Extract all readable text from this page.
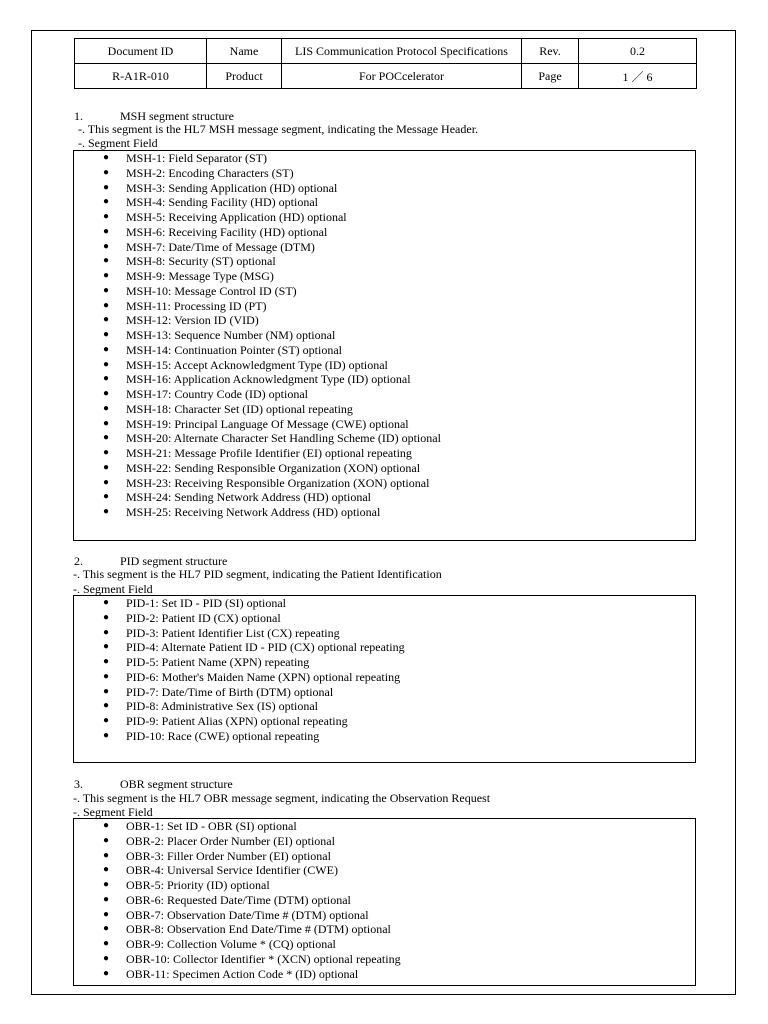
Document ID	Name	LIS Communication Protocol Specifications	Rev.	0.2
R-A1R-010	Product	For POCcelerator	Page	1 ／ 6
1.	MSH segment structure
-. This segment is the HL7 MSH message segment, indicating the Message Header.
-. Segment Field
● MSH-1: Field Separator (ST)
● MSH-2: Encoding Characters (ST)
● MSH-3: Sending Application (HD) optional
● MSH-4: Sending Facility (HD) optional
● MSH-5: Receiving Application (HD) optional
● MSH-6: Receiving Facility (HD) optional
● MSH-7: Date/Time of Message (DTM)
● MSH-8: Security (ST) optional
● MSH-9: Message Type (MSG)
● MSH-10: Message Control ID (ST)
● MSH-11: Processing ID (PT)
● MSH-12: Version ID (VID)
● MSH-13: Sequence Number (NM) optional
● MSH-14: Continuation Pointer (ST) optional
● MSH-15: Accept Acknowledgment Type (ID) optional
● MSH-16: Application Acknowledgment Type (ID) optional
● MSH-17: Country Code (ID) optional
● MSH-18: Character Set (ID) optional repeating
● MSH-19: Principal Language Of Message (CWE) optional
● MSH-20: Alternate Character Set Handling Scheme (ID) optional
● MSH-21: Message Profile Identifier (EI) optional repeating
● MSH-22: Sending Responsible Organization (XON) optional
● MSH-23: Receiving Responsible Organization (XON) optional
● MSH-24: Sending Network Address (HD) optional
● MSH-25: Receiving Network Address (HD) optional
2.	PID segment structure
-. This segment is the HL7 PID segment, indicating the Patient Identification
-. Segment Field
● PID-1: Set ID - PID (SI) optional
● PID-2: Patient ID (CX) optional
● PID-3: Patient Identifier List (CX) repeating
● PID-4: Alternate Patient ID - PID (CX) optional repeating
● PID-5: Patient Name (XPN) repeating
● PID-6: Mother's Maiden Name (XPN) optional repeating
● PID-7: Date/Time of Birth (DTM) optional
● PID-8: Administrative Sex (IS) optional
● PID-9: Patient Alias (XPN) optional repeating
● PID-10: Race (CWE) optional repeating
3.	OBR segment structure
-. This segment is the HL7 OBR message segment, indicating the Observation Request
-. Segment Field
● OBR-1: Set ID - OBR (SI) optional
● OBR-2: Placer Order Number (EI) optional
● OBR-3: Filler Order Number (EI) optional
● OBR-4: Universal Service Identifier (CWE)
● OBR-5: Priority (ID) optional
● OBR-6: Requested Date/Time (DTM) optional
● OBR-7: Observation Date/Time # (DTM) optional
● OBR-8: Observation End Date/Time # (DTM) optional
● OBR-9: Collection Volume * (CQ) optional
● OBR-10: Collector Identifier * (XCN) optional repeating
● OBR-11: Specimen Action Code * (ID) optional
